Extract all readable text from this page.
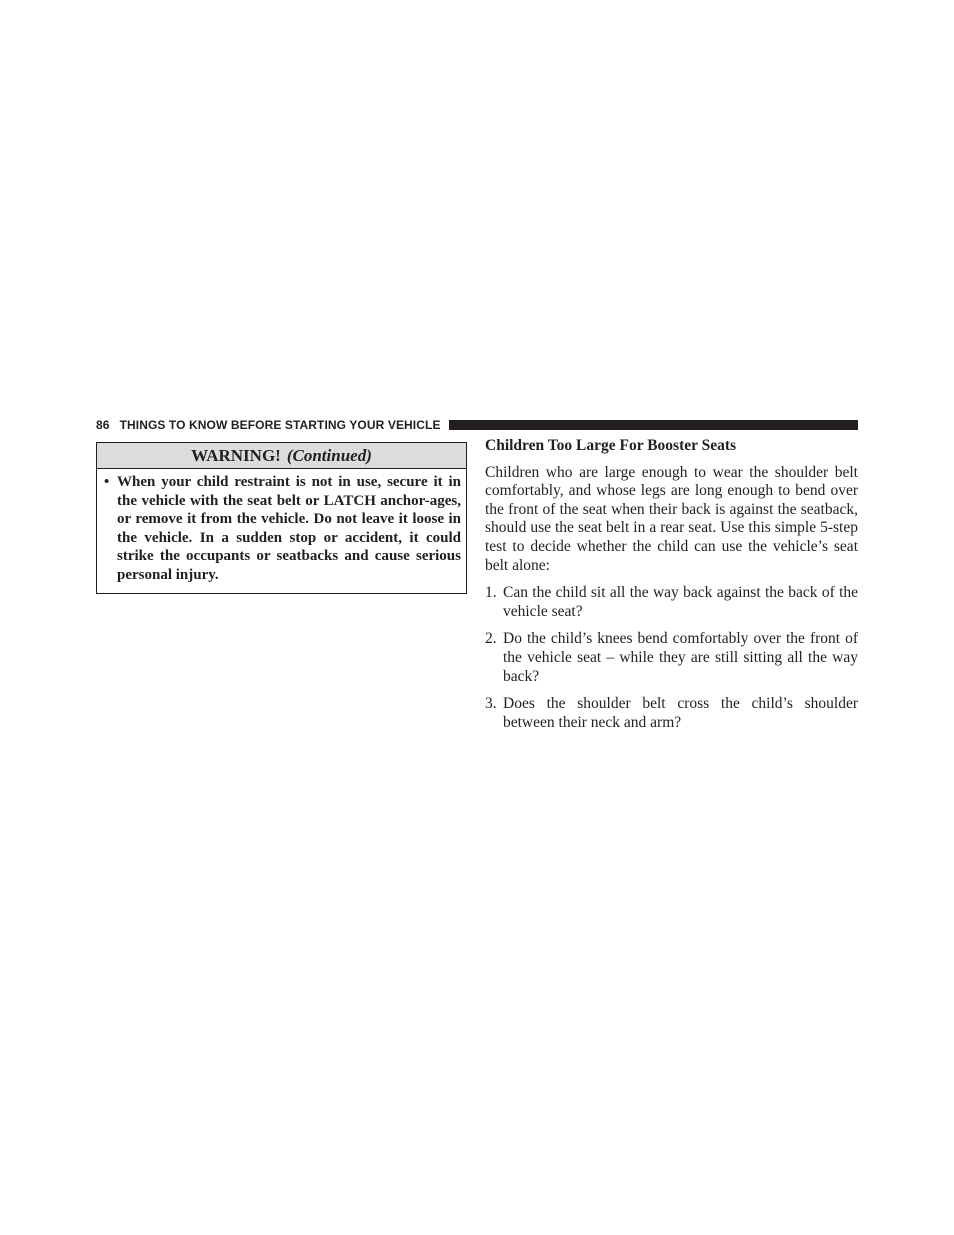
86 THINGS TO KNOW BEFORE STARTING YOUR VEHICLE
WARNING! (Continued)
• When your child restraint is not in use, secure it in the vehicle with the seat belt or LATCH anchor-ages, or remove it from the vehicle. Do not leave it loose in the vehicle. In a sudden stop or accident, it could strike the occupants or seatbacks and cause serious personal injury.
Children Too Large For Booster Seats
Children who are large enough to wear the shoulder belt comfortably, and whose legs are long enough to bend over the front of the seat when their back is against the seatback, should use the seat belt in a rear seat. Use this simple 5-step test to decide whether the child can use the vehicle’s seat belt alone:
1. Can the child sit all the way back against the back of the vehicle seat?
2. Do the child’s knees bend comfortably over the front of the vehicle seat – while they are still sitting all the way back?
3. Does the shoulder belt cross the child’s shoulder between their neck and arm?
